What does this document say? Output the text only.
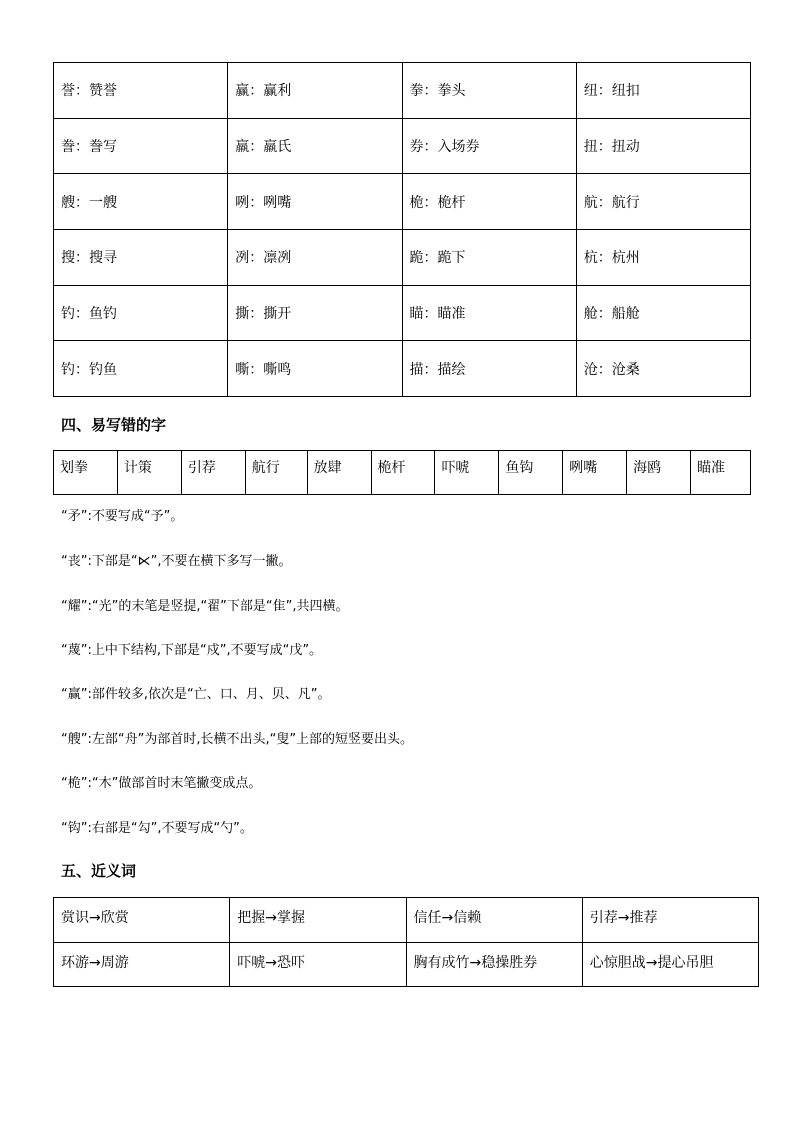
誉：赞誉	赢：赢利	拳：拳头	纽：纽扣
誊：誊写	羸：羸氏	券：入场券	扭：扭动
艘：一艘	咧：咧嘴	桅：桅杆	航：航行
搜：搜寻	冽：凛冽	跪：跪下	杭：杭州
钓：鱼钓	撕：撕开	瞄：瞄准	舱：船舱
钓：钓鱼	嘶：嘶鸣	描：描绘	沧：沧桑
四、易写错的字
划拳	计策	引荐	航行	放肆	桅杆	吓唬	鱼钩	咧嘴	海鸥	瞄准
“矛”:不要写成“予”。
“丧”:下部是“⋉”,不要在横下多写一撇。
“耀”:“光”的末笔是竖提,“翟”下部是“隹”,共四横。
“蔑”:上中下结构,下部是“戍”,不要写成“戊”。
“赢”:部件较多,依次是“亡、口、月、贝、凡”。
“艘”:左部“舟”为部首时,长横不出头,“叟”上部的短竖要出头。
“桅”:“木”做部首时末笔撇变成点。
“钩”:右部是“勾”,不要写成“勺”。
五、近义词
赏识→欣赏	把握→掌握	信任→信赖	引荐→推荐
环游→周游	吓唬→恐吓	胸有成竹→稳操胜券	心惊胆战→提心吊胆
